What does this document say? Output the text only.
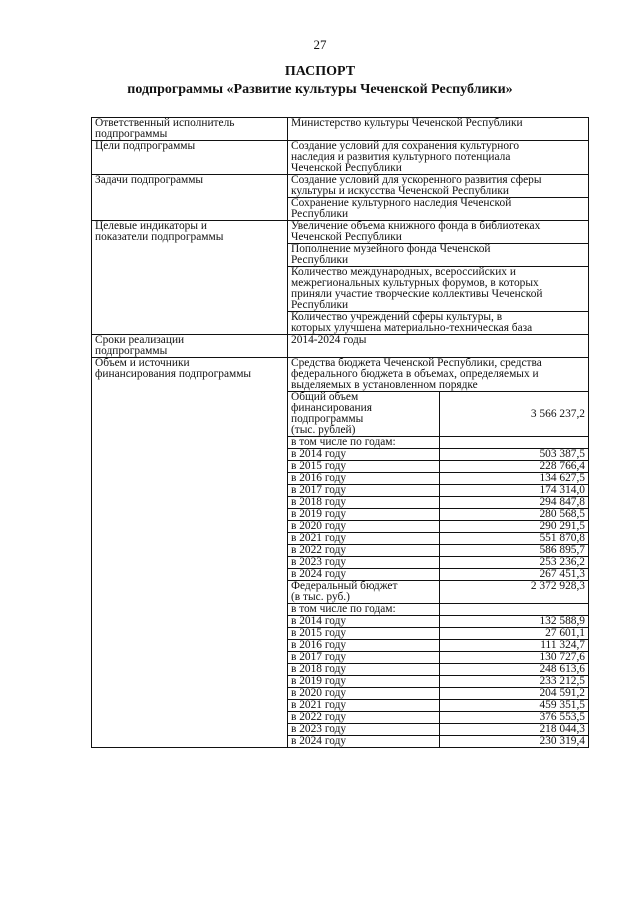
27
ПАСПОРТ
подпрограммы «Развитие культуры Чеченской Республики»
Ответственный исполнитель
подпрограммы	Министерство культуры Чеченской Республики
Цели подпрограммы	Создание условий для сохранения культурного
наследия и развития культурного потенциала
Чеченской Республики
Задачи подпрограммы	Создание условий для ускоренного развития сферы
культуры и искусства Чеченской Республики
Сохранение культурного наследия Чеченской
Республики
Целевые индикаторы и
показатели подпрограммы	Увеличение объема книжного фонда в библиотеках
Чеченской Республики
Пополнение музейного фонда Чеченской
Республики
Количество международных, всероссийских и
межрегиональных культурных форумов, в которых
приняли участие творческие коллективы Чеченской
Республики
Количество учреждений сферы культуры, в
которых улучшена материально-техническая база
Сроки реализации
подпрограммы	2014-2024 годы
Объем и источники
финансирования подпрограммы	Средства бюджета Чеченской Республики, средства
федерального бюджета в объемах, определяемых и
выделяемых в установленном порядке

Общий объем
финансирования
подпрограммы
(тыс. рублей)	3 566 237,2
в том числе по годам:	
в 2014 году	503 387,5
в 2015 году	228 766,4
в 2016 году	134 627,5
в 2017 году	174 314,0
в 2018 году	294 847,8
в 2019 году	280 568,5
в 2020 году	290 291,5
в 2021 году	551 870,8
в 2022 году	586 895,7
в 2023 году	253 236,2
в 2024 году	267 451,3
Федеральный бюджет
(в тыс. руб.)	2 372 928,3
в том числе по годам:	
в 2014 году	132 588,9
в 2015 году	27 601,1
в 2016 году	111 324,7
в 2017 году	130 727,6
в 2018 году	248 613,6
в 2019 году	233 212,5
в 2020 году	204 591,2
в 2021 году	459 351,5
в 2022 году	376 553,5
в 2023 году	218 044,3
в 2024 году	230 319,4
